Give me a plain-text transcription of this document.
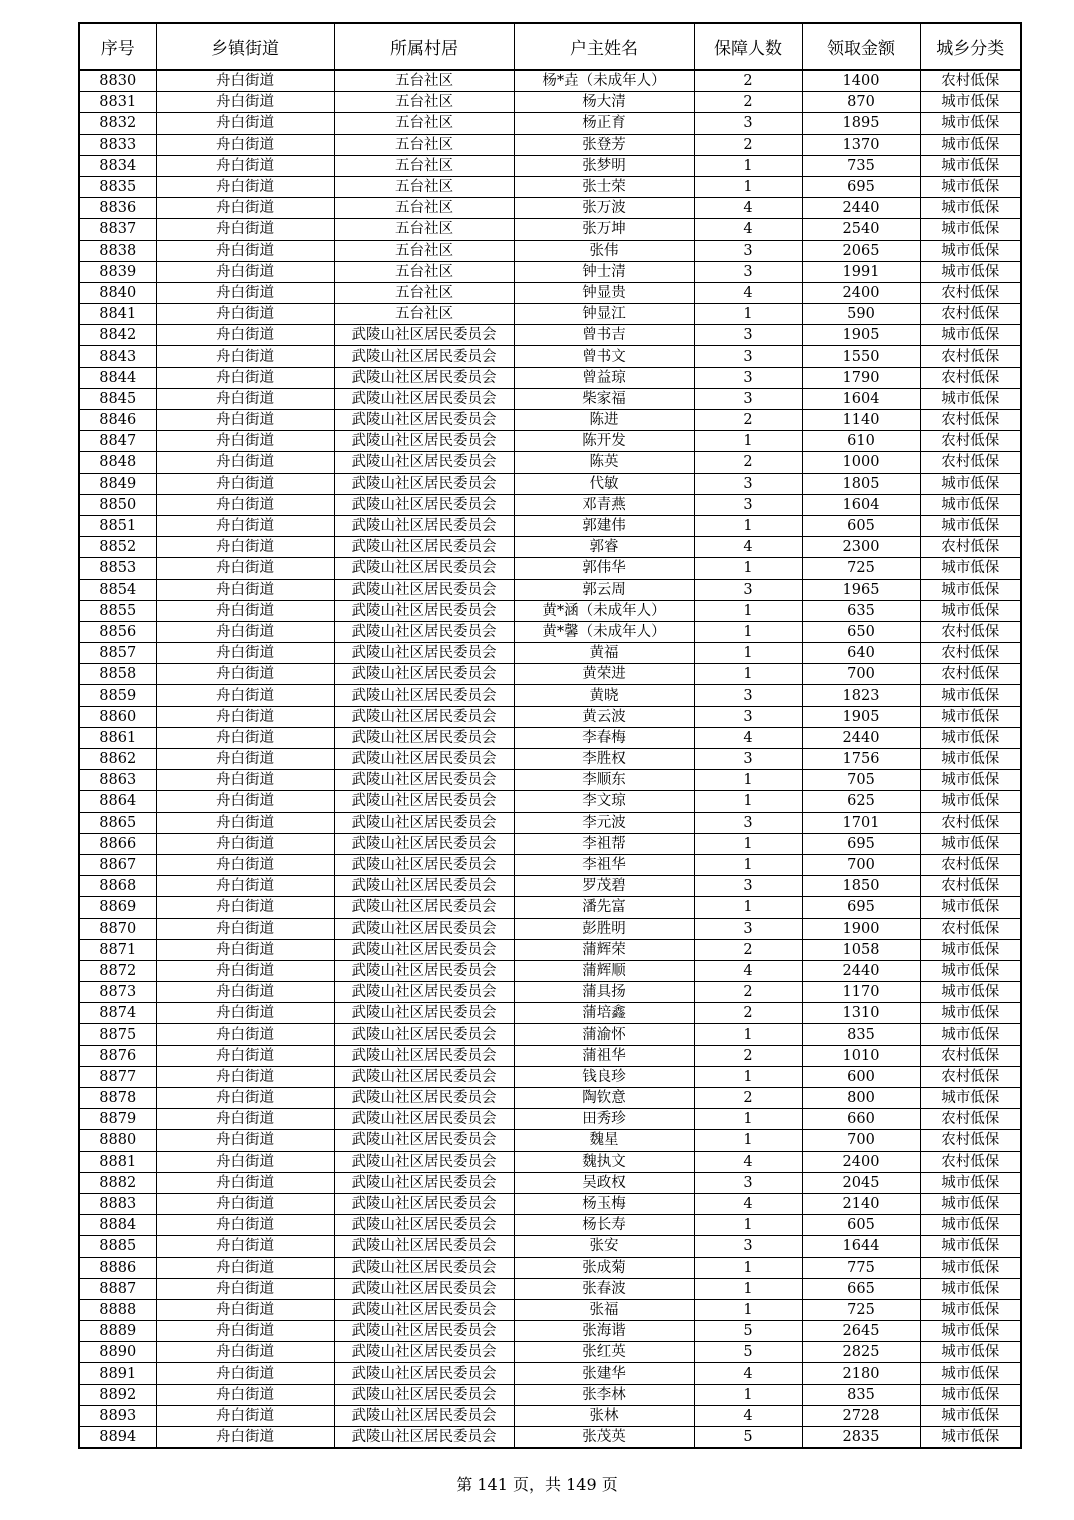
序号	乡镇街道	所属村居	户主姓名	保障人数	领取金额	城乡分类
8830	舟白街道	五台社区	杨*垚（未成年人）	2	1400	农村低保
8831	舟白街道	五台社区	杨大清	2	870	城市低保
8832	舟白街道	五台社区	杨正育	3	1895	城市低保
8833	舟白街道	五台社区	张登芳	2	1370	城市低保
8834	舟白街道	五台社区	张梦明	1	735	城市低保
8835	舟白街道	五台社区	张士荣	1	695	城市低保
8836	舟白街道	五台社区	张万波	4	2440	城市低保
8837	舟白街道	五台社区	张万坤	4	2540	城市低保
8838	舟白街道	五台社区	张伟	3	2065	城市低保
8839	舟白街道	五台社区	钟士清	3	1991	城市低保
8840	舟白街道	五台社区	钟显贵	4	2400	农村低保
8841	舟白街道	五台社区	钟显江	1	590	农村低保
8842	舟白街道	武陵山社区居民委员会	曾书吉	3	1905	城市低保
8843	舟白街道	武陵山社区居民委员会	曾书文	3	1550	农村低保
8844	舟白街道	武陵山社区居民委员会	曾益琼	3	1790	农村低保
8845	舟白街道	武陵山社区居民委员会	柴家福	3	1604	城市低保
8846	舟白街道	武陵山社区居民委员会	陈进	2	1140	农村低保
8847	舟白街道	武陵山社区居民委员会	陈开发	1	610	农村低保
8848	舟白街道	武陵山社区居民委员会	陈英	2	1000	农村低保
8849	舟白街道	武陵山社区居民委员会	代敏	3	1805	城市低保
8850	舟白街道	武陵山社区居民委员会	邓青燕	3	1604	城市低保
8851	舟白街道	武陵山社区居民委员会	郭建伟	1	605	城市低保
8852	舟白街道	武陵山社区居民委员会	郭睿	4	2300	农村低保
8853	舟白街道	武陵山社区居民委员会	郭伟华	1	725	城市低保
8854	舟白街道	武陵山社区居民委员会	郭云周	3	1965	城市低保
8855	舟白街道	武陵山社区居民委员会	黄*涵（未成年人）	1	635	城市低保
8856	舟白街道	武陵山社区居民委员会	黄*馨（未成年人）	1	650	农村低保
8857	舟白街道	武陵山社区居民委员会	黄福	1	640	农村低保
8858	舟白街道	武陵山社区居民委员会	黄荣进	1	700	农村低保
8859	舟白街道	武陵山社区居民委员会	黄晓	3	1823	城市低保
8860	舟白街道	武陵山社区居民委员会	黄云波	3	1905	城市低保
8861	舟白街道	武陵山社区居民委员会	李春梅	4	2440	城市低保
8862	舟白街道	武陵山社区居民委员会	李胜权	3	1756	城市低保
8863	舟白街道	武陵山社区居民委员会	李顺东	1	705	城市低保
8864	舟白街道	武陵山社区居民委员会	李文琼	1	625	城市低保
8865	舟白街道	武陵山社区居民委员会	李元波	3	1701	农村低保
8866	舟白街道	武陵山社区居民委员会	李祖帮	1	695	城市低保
8867	舟白街道	武陵山社区居民委员会	李祖华	1	700	农村低保
8868	舟白街道	武陵山社区居民委员会	罗茂碧	3	1850	农村低保
8869	舟白街道	武陵山社区居民委员会	潘先富	1	695	城市低保
8870	舟白街道	武陵山社区居民委员会	彭胜明	3	1900	农村低保
8871	舟白街道	武陵山社区居民委员会	蒲辉荣	2	1058	城市低保
8872	舟白街道	武陵山社区居民委员会	蒲辉顺	4	2440	城市低保
8873	舟白街道	武陵山社区居民委员会	蒲具扬	2	1170	城市低保
8874	舟白街道	武陵山社区居民委员会	蒲培鑫	2	1310	城市低保
8875	舟白街道	武陵山社区居民委员会	蒲渝怀	1	835	城市低保
8876	舟白街道	武陵山社区居民委员会	蒲祖华	2	1010	农村低保
8877	舟白街道	武陵山社区居民委员会	钱良珍	1	600	农村低保
8878	舟白街道	武陵山社区居民委员会	陶钦意	2	800	城市低保
8879	舟白街道	武陵山社区居民委员会	田秀珍	1	660	农村低保
8880	舟白街道	武陵山社区居民委员会	魏星	1	700	农村低保
8881	舟白街道	武陵山社区居民委员会	魏执文	4	2400	农村低保
8882	舟白街道	武陵山社区居民委员会	吴政权	3	2045	城市低保
8883	舟白街道	武陵山社区居民委员会	杨玉梅	4	2140	城市低保
8884	舟白街道	武陵山社区居民委员会	杨长寿	1	605	城市低保
8885	舟白街道	武陵山社区居民委员会	张安	3	1644	城市低保
8886	舟白街道	武陵山社区居民委员会	张成菊	1	775	城市低保
8887	舟白街道	武陵山社区居民委员会	张春波	1	665	城市低保
8888	舟白街道	武陵山社区居民委员会	张福	1	725	城市低保
8889	舟白街道	武陵山社区居民委员会	张海谐	5	2645	城市低保
8890	舟白街道	武陵山社区居民委员会	张红英	5	2825	城市低保
8891	舟白街道	武陵山社区居民委员会	张建华	4	2180	城市低保
8892	舟白街道	武陵山社区居民委员会	张李林	1	835	城市低保
8893	舟白街道	武陵山社区居民委员会	张林	4	2728	城市低保
8894	舟白街道	武陵山社区居民委员会	张茂英	5	2835	城市低保
第 141 页，共 149 页
